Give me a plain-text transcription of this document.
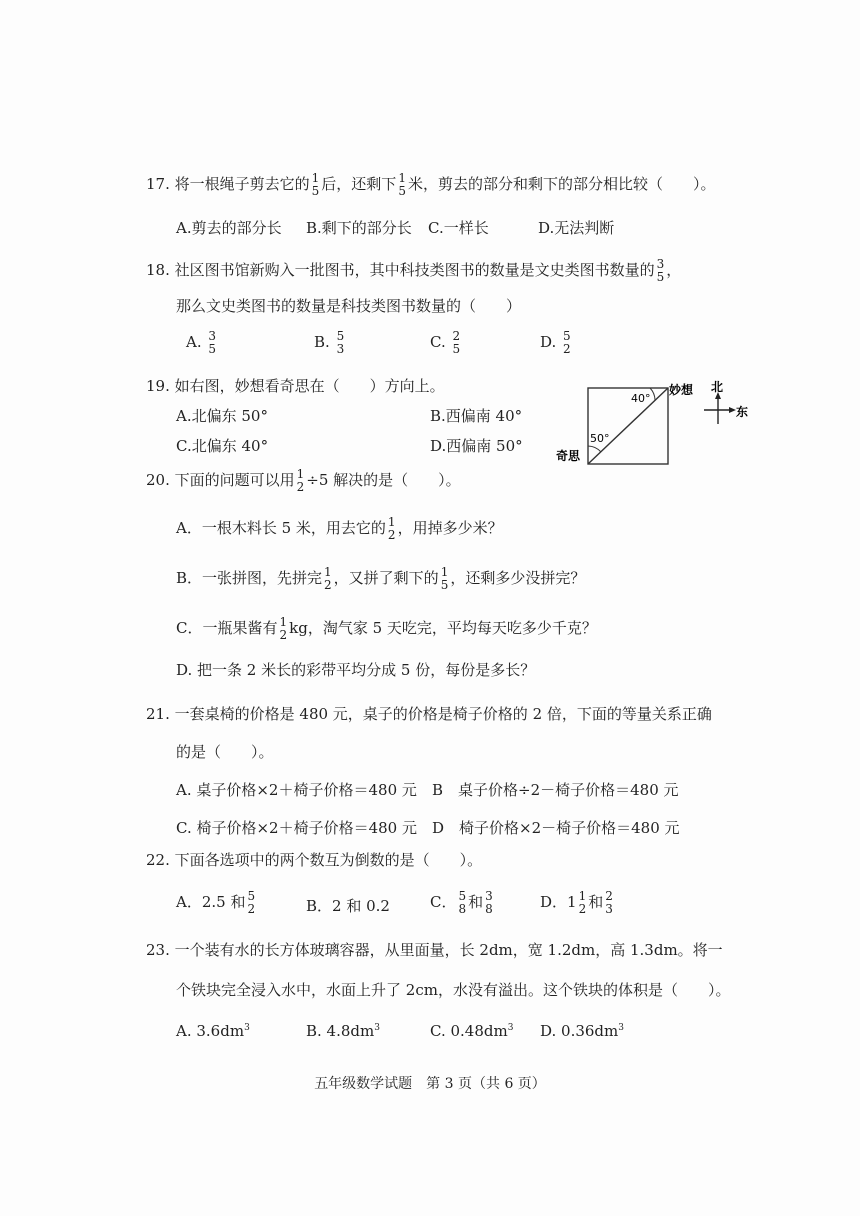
17. 将一根绳子剪去它的 1
5 后，还剩下 1
5 米，剪去的部分和剩下的部分相比较（　　）。
A.剪去的部分长 B.剩下的部分长 C.一样长	D.无法判断
18. 社区图书馆新购入一批图书，其中科技类图书的数量是文史类图书数量的 3
5 ，
那么文史类图书的数量是科技类图书数量的（　　）
A. 3
5	B. 5
3	C. 2
5	D. 5
2
19. 如右图，妙想看奇思在（　　）方向上。
A.北偏东 50°	B.西偏南 40°
C.北偏东 40°	D.西偏南 50°
40°
50°
妙想
奇思
北
东
20. 下面的问题可以用 1
2 ÷5 解决的是（　　）。
A．一根木料长 5 米，用去它的 1
2 ，用掉多少米？
B．一张拼图，先拼完 1
2 ，又拼了剩下的 1
5 ，还剩多少没拼完？
C．一瓶果酱有 1
2 kg，淘气家 5 天吃完，平均每天吃多少千克？
D. 把一条 2 米长的彩带平均分成 5 份，每份是多长？
21. 一套桌椅的价格是 480 元，桌子的价格是椅子价格的 2 倍，下面的等量关系正确
的是（　　）。
A. 桌子价格×2＋椅子价格＝480 元 B　桌子价格÷2－椅子价格＝480 元
C. 椅子价格×2＋椅子价格＝480 元 D　椅子价格×2－椅子价格＝480 元
22. 下面各选项中的两个数互为倒数的是（　　）。
A．2.5 和 5
2	B．2 和 0.2	C． 5
8 和 3
8	D．1 1
2 和 2
3
23. 一个装有水的长方体玻璃容器，从里面量，长 2dm，宽 1.2dm，高 1.3dm。将一
个铁块完全浸入水中，水面上升了 2cm，水没有溢出。这个铁块的体积是（　　）。
A. $3.6dm^3$	B. $4.8dm^3$	C. $0.48dm^3$ D. $0.36dm^3$
五年级数学试题　第 3 页（共 6 页）
